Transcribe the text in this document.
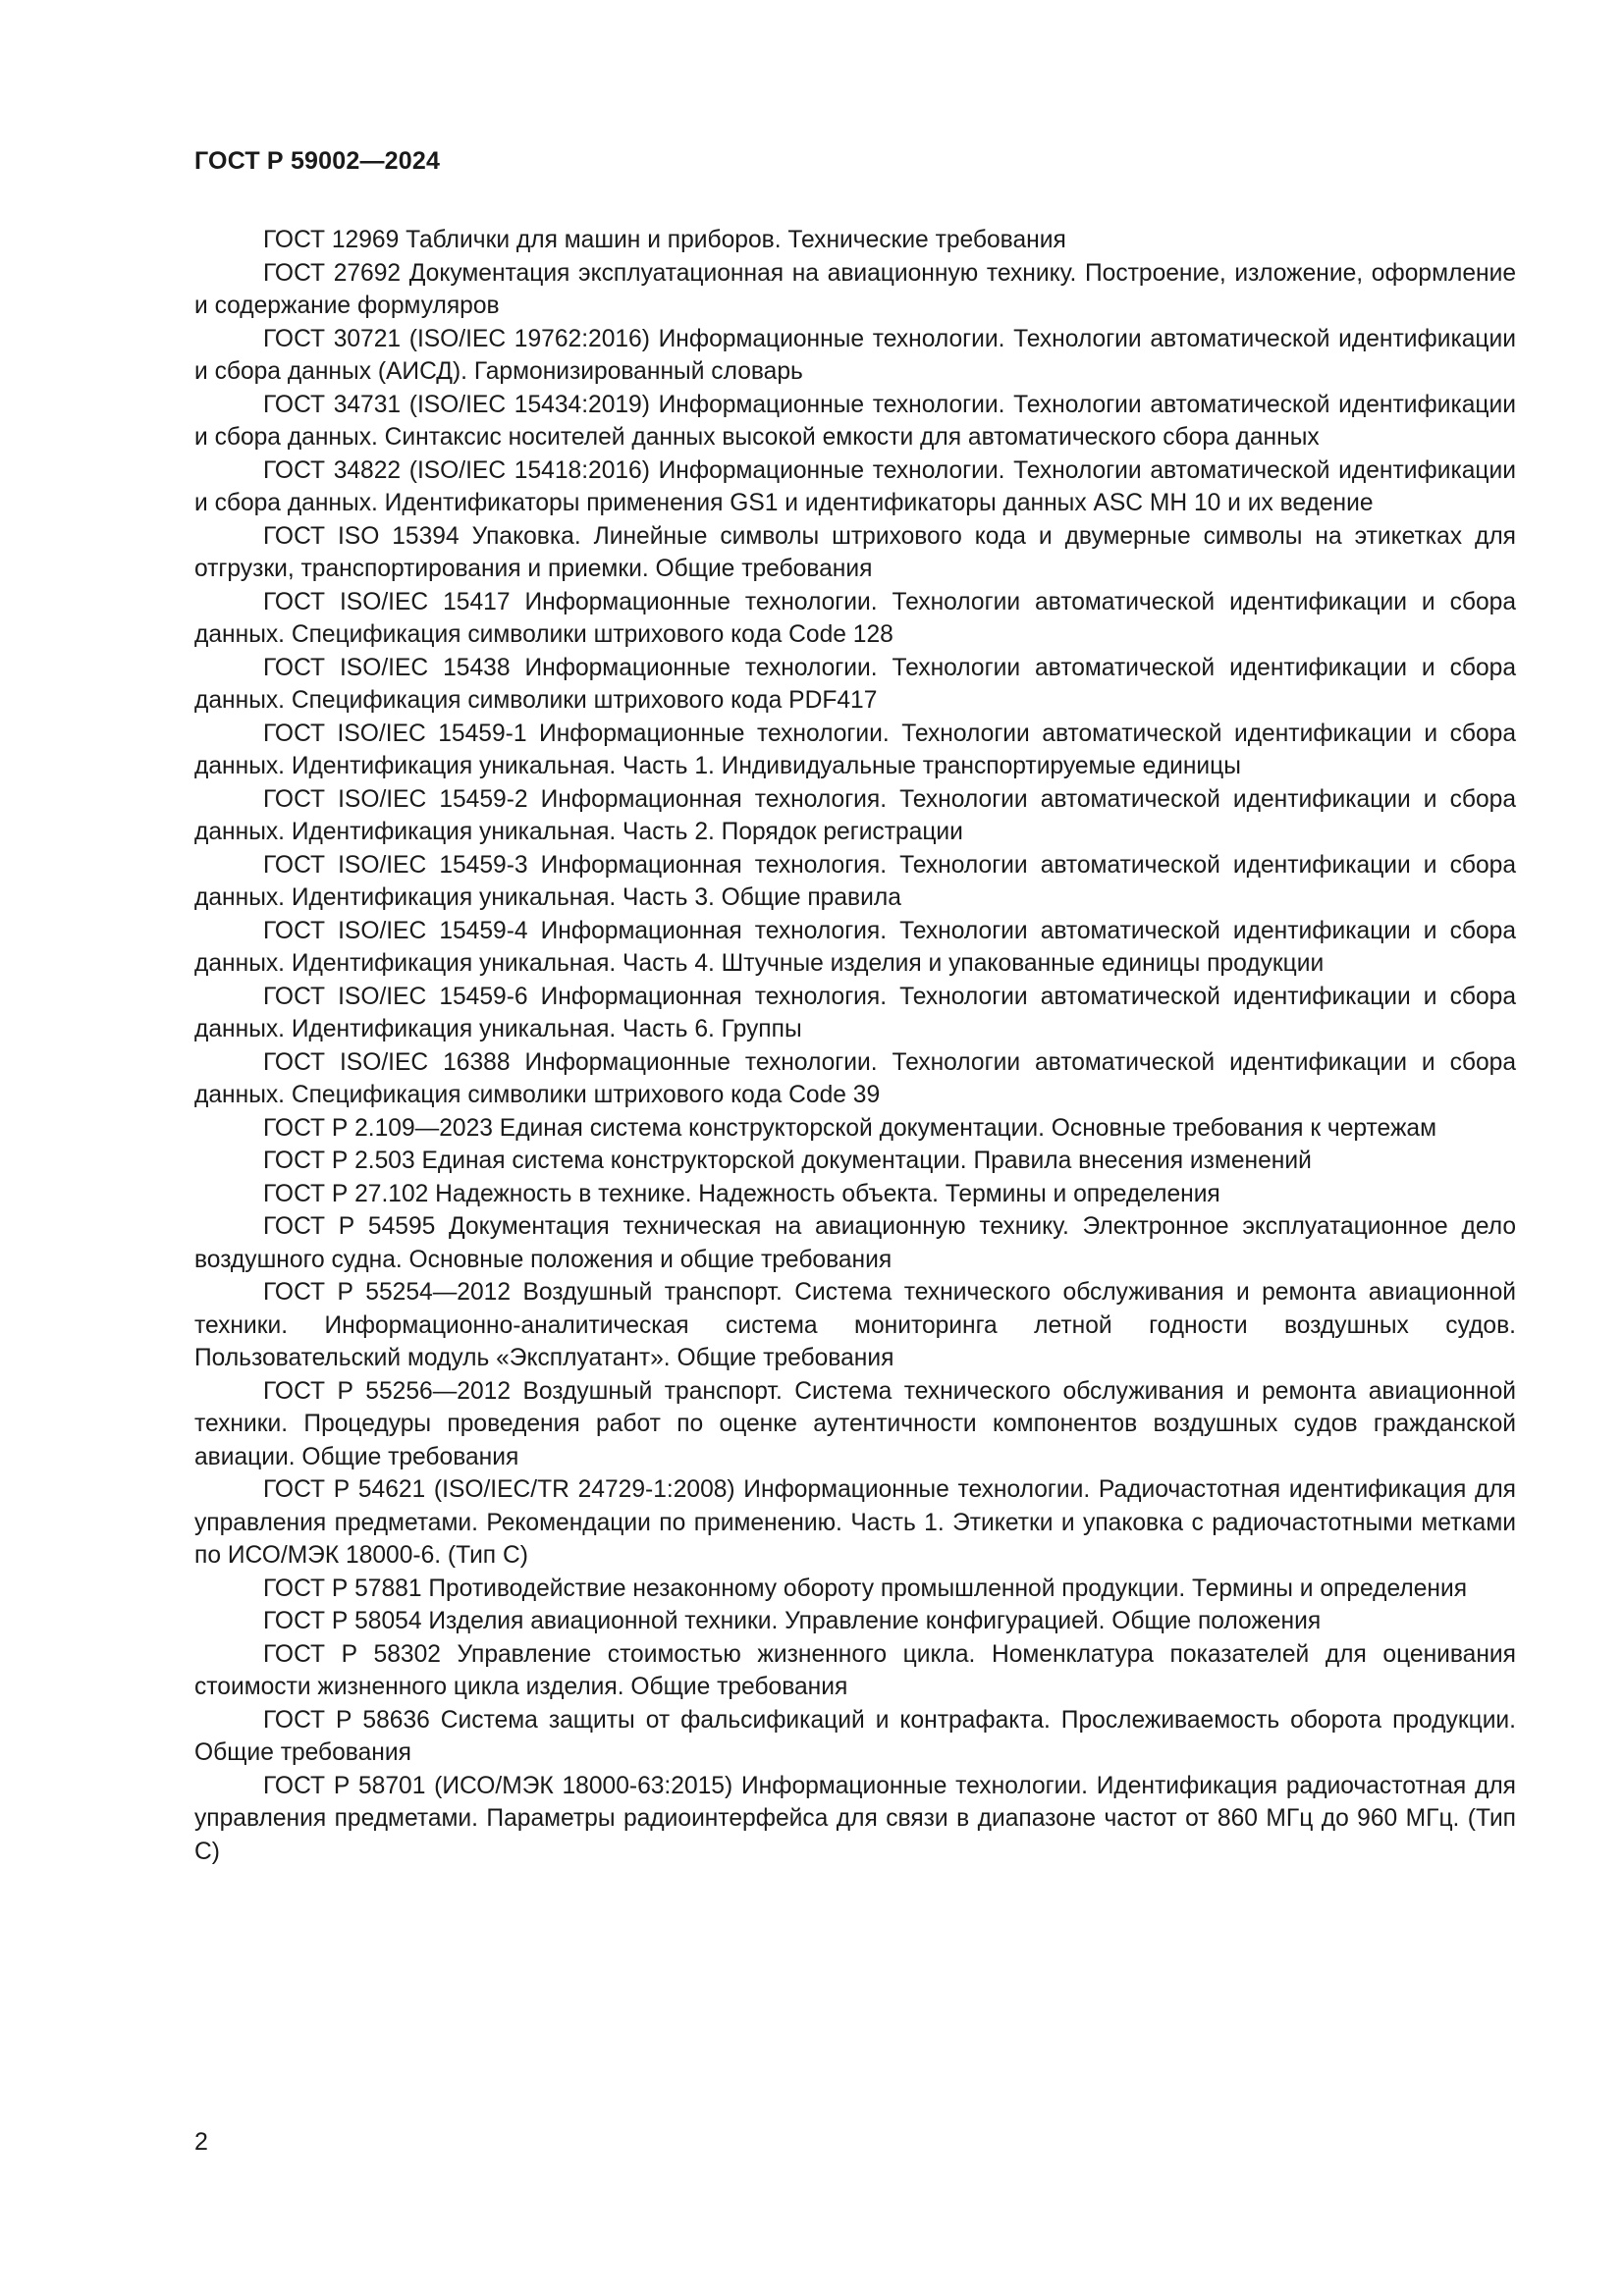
ГОСТ Р 59002—2024

ГОСТ 12969 Таблички для машин и приборов. Технические требования

ГОСТ 27692 Документация эксплуатационная на авиационную технику. Построение, изложение, оформление и содержание формуляров

ГОСТ 30721 (ISO/IEC 19762:2016) Информационные технологии. Технологии автоматической идентификации и сбора данных (АИСД). Гармонизированный словарь

ГОСТ 34731 (ISO/IEC 15434:2019) Информационные технологии. Технологии автоматической идентификации и сбора данных. Синтаксис носителей данных высокой емкости для автоматического сбора данных

ГОСТ 34822 (ISO/IEC 15418:2016) Информационные технологии. Технологии автоматической идентификации и сбора данных. Идентификаторы применения GS1 и идентификаторы данных ASC MH 10 и их ведение

ГОСТ ISO 15394 Упаковка. Линейные символы штрихового кода и двумерные символы на этикетках для отгрузки, транспортирования и приемки. Общие требования

ГОСТ ISO/IEC 15417 Информационные технологии. Технологии автоматической идентификации и сбора данных. Спецификация символики штрихового кода Code 128

ГОСТ ISO/IEC 15438 Информационные технологии. Технологии автоматической идентификации и сбора данных. Спецификация символики штрихового кода PDF417

ГОСТ ISO/IEC 15459-1 Информационные технологии. Технологии автоматической идентификации и сбора данных. Идентификация уникальная. Часть 1. Индивидуальные транспортируемые единицы

ГОСТ ISO/IEC 15459-2 Информационная технология. Технологии автоматической идентификации и сбора данных. Идентификация уникальная. Часть 2. Порядок регистрации

ГОСТ ISO/IEC 15459-3 Информационная технология. Технологии автоматической идентификации и сбора данных. Идентификация уникальная. Часть 3. Общие правила

ГОСТ ISO/IEC 15459-4 Информационная технология. Технологии автоматической идентификации и сбора данных. Идентификация уникальная. Часть 4. Штучные изделия и упакованные единицы продукции

ГОСТ ISO/IEC 15459-6 Информационная технология. Технологии автоматической идентификации и сбора данных. Идентификация уникальная. Часть 6. Группы

ГОСТ ISO/IEC 16388 Информационные технологии. Технологии автоматической идентификации и сбора данных. Спецификация символики штрихового кода Code 39

ГОСТ Р 2.109—2023 Единая система конструкторской документации. Основные требования к чертежам

ГОСТ Р 2.503 Единая система конструкторской документации. Правила внесения изменений

ГОСТ Р 27.102 Надежность в технике. Надежность объекта. Термины и определения

ГОСТ Р 54595 Документация техническая на авиационную технику. Электронное эксплуатационное дело воздушного судна. Основные положения и общие требования

ГОСТ Р 55254—2012 Воздушный транспорт. Система технического обслуживания и ремонта авиационной техники. Информационно-аналитическая система мониторинга летной годности воздушных судов. Пользовательский модуль «Эксплуатант». Общие требования

ГОСТ Р 55256—2012 Воздушный транспорт. Система технического обслуживания и ремонта авиационной техники. Процедуры проведения работ по оценке аутентичности компонентов воздушных судов гражданской авиации. Общие требования

ГОСТ Р 54621 (ISO/IEC/TR 24729-1:2008) Информационные технологии. Радиочастотная идентификация для управления предметами. Рекомендации по применению. Часть 1. Этикетки и упаковка с радиочастотными метками по ИСО/МЭК 18000-6. (Тип С)

ГОСТ Р 57881 Противодействие незаконному обороту промышленной продукции. Термины и определения

ГОСТ Р 58054 Изделия авиационной техники. Управление конфигурацией. Общие положения

ГОСТ Р 58302 Управление стоимостью жизненного цикла. Номенклатура показателей для оценивания стоимости жизненного цикла изделия. Общие требования

ГОСТ Р 58636 Система защиты от фальсификаций и контрафакта. Прослеживаемость оборота продукции. Общие требования

ГОСТ Р 58701 (ИСО/МЭК 18000-63:2015) Информационные технологии. Идентификация радиочастотная для управления предметами. Параметры радиоинтерфейса для связи в диапазоне частот от 860 МГц до 960 МГц. (Тип С)

2
